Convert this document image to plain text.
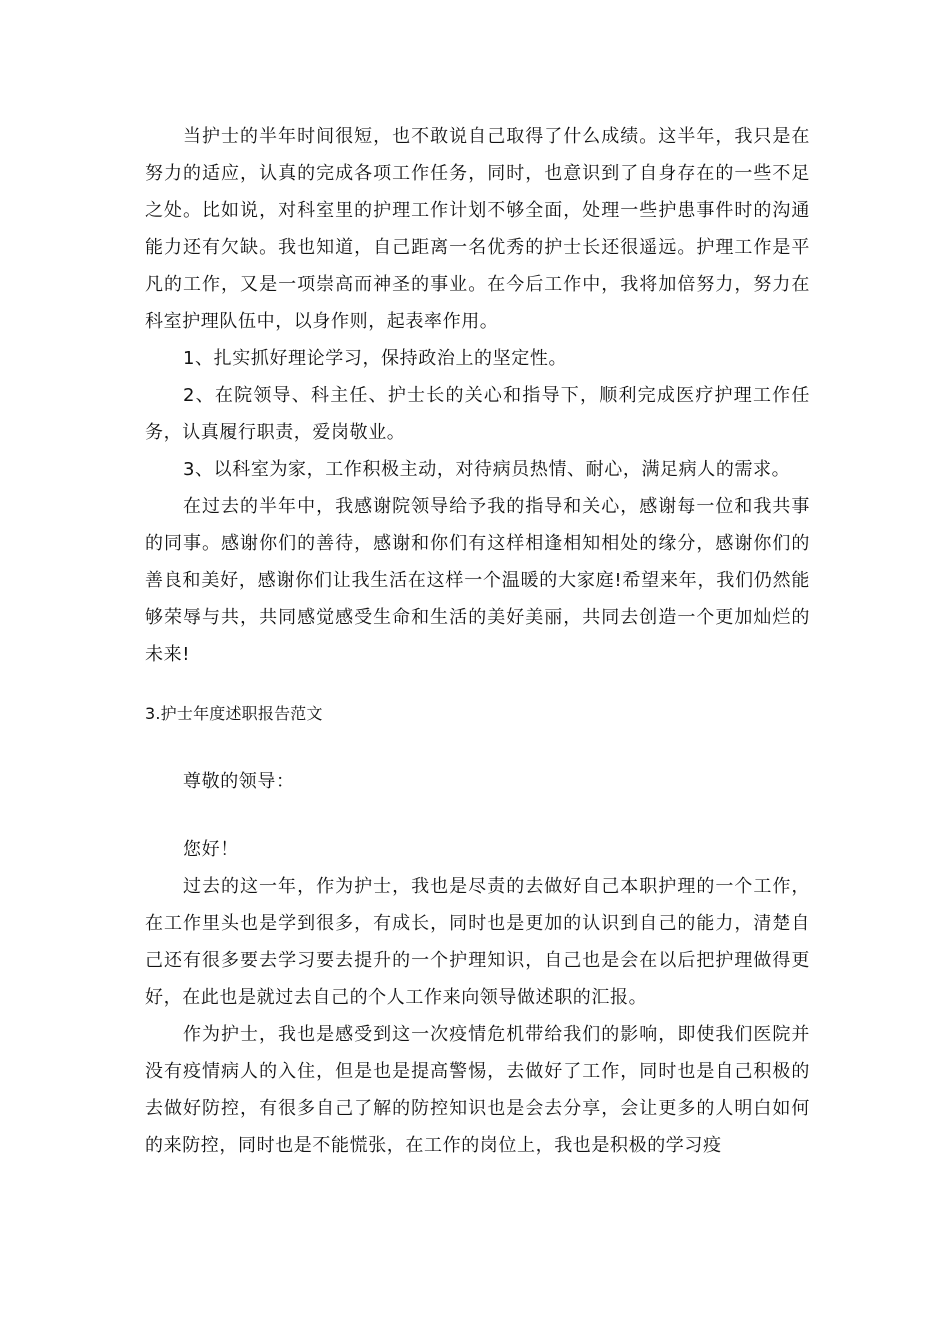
当护士的半年时间很短，也不敢说自己取得了什么成绩。这半年，我只是在努力的适应，认真的完成各项工作任务，同时，也意识到了自身存在的一些不足之处。比如说，对科室里的护理工作计划不够全面，处理一些护患事件时的沟通能力还有欠缺。我也知道，自己距离一名优秀的护士长还很遥远。护理工作是平凡的工作，又是一项崇高而神圣的事业。在今后工作中，我将加倍努力，努力在科室护理队伍中，以身作则，起表率作用。

1、扎实抓好理论学习，保持政治上的坚定性。

2、在院领导、科主任、护士长的关心和指导下，顺利完成医疗护理工作任务，认真履行职责，爱岗敬业。

3、以科室为家，工作积极主动，对待病员热情、耐心，满足病人的需求。

在过去的半年中，我感谢院领导给予我的指导和关心，感谢每一位和我共事的同事。感谢你们的善待，感谢和你们有这样相逢相知相处的缘分，感谢你们的善良和美好，感谢你们让我生活在这样一个温暖的大家庭!希望来年，我们仍然能够荣辱与共，共同感觉感受生命和生活的美好美丽，共同去创造一个更加灿烂的未来!

3.护士年度述职报告范文

尊敬的领导：

您好！

过去的这一年，作为护士，我也是尽责的去做好自己本职护理的一个工作，在工作里头也是学到很多，有成长，同时也是更加的认识到自己的能力，清楚自己还有很多要去学习要去提升的一个护理知识，自己也是会在以后把护理做得更好，在此也是就过去自己的个人工作来向领导做述职的汇报。

作为护士，我也是感受到这一次疫情危机带给我们的影响，即使我们医院并没有疫情病人的入住，但是也是提高警惕，去做好了工作，同时也是自己积极的去做好防控，有很多自己了解的防控知识也是会去分享，会让更多的人明白如何的来防控，同时也是不能慌张，在工作的岗位上，我也是积极的学习疫
